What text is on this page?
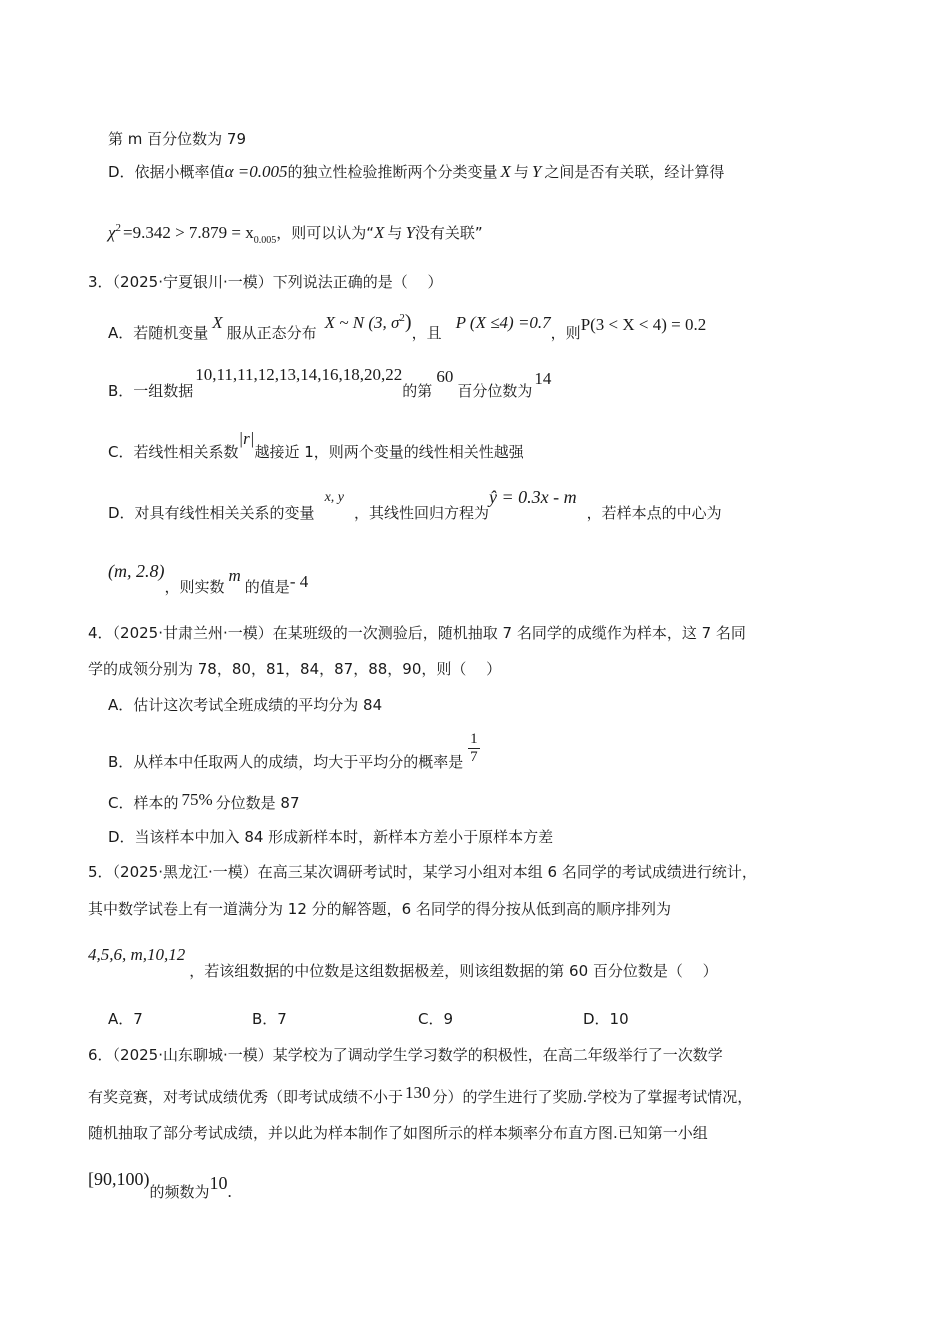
第 m 百分位数为 79
D．依据小概率值α =0.005的独立性检验推断两个分类变量 X 与 Y 之间是否有关联，经计算得
$\chi^2 =9.342 > 7.879 = x_{0.005}$，则可以认为“X 与 Y没有关联”
3．（2025·宁夏银川·一模）下列说法正确的是（　 ）
A．若随机变量X服从正态分布X ~ N (3, $\sigma^2$)，且P (X ≤4) =0.7，则P(3 < X < 4) = 0.2
B．一组数据10,11,11,12,13,14,16,18,20,22的第60百分位数为14
C．若线性相关系数|r|越接近 1，则两个变量的线性相关性越强
D．对具有线性相关关系的变量x, y，其线性回归方程为ŷ = 0.3x - m，若样本点的中心为
(m, 2.8)，则实数m的值是- 4
4．（2025·甘肃兰州·一模）在某班级的一次测验后，随机抽取 7 名同学的成缆作为样本，这 7 名同
学的成领分别为 78，80，81，84，87，88，90，则（　 ）
A．估计这次考试全班成绩的平均分为 84
B．从样本中任取两人的成绩，均大于平均分的概率是 $\frac{1}{7}$
C．样本的 75% 分位数是 87
D．当该样本中加入 84 形成新样本时，新样本方差小于原样本方差
5．（2025·黑龙江·一模）在高三某次调研考试时，某学习小组对本组 6 名同学的考试成绩进行统计，
其中数学试卷上有一道满分为 12 分的解答题，6 名同学的得分按从低到高的顺序排列为
4,5,6, m,10,12，若该组数据的中位数是这组数据极差，则该组数据的第 60 百分位数是（　 ）
A．7	B．7	C．9	D．10
6．（2025·山东聊城·一模）某学校为了调动学生学习数学的积极性，在高二年级举行了一次数学
有奖竞赛，对考试成绩优秀（即考试成绩不小于 130 分）的学生进行了奖励.学校为了掌握考试情况，
随机抽取了部分考试成绩，并以此为样本制作了如图所示的样本频率分布直方图.已知第一小组
[90,100)的频数为10.
